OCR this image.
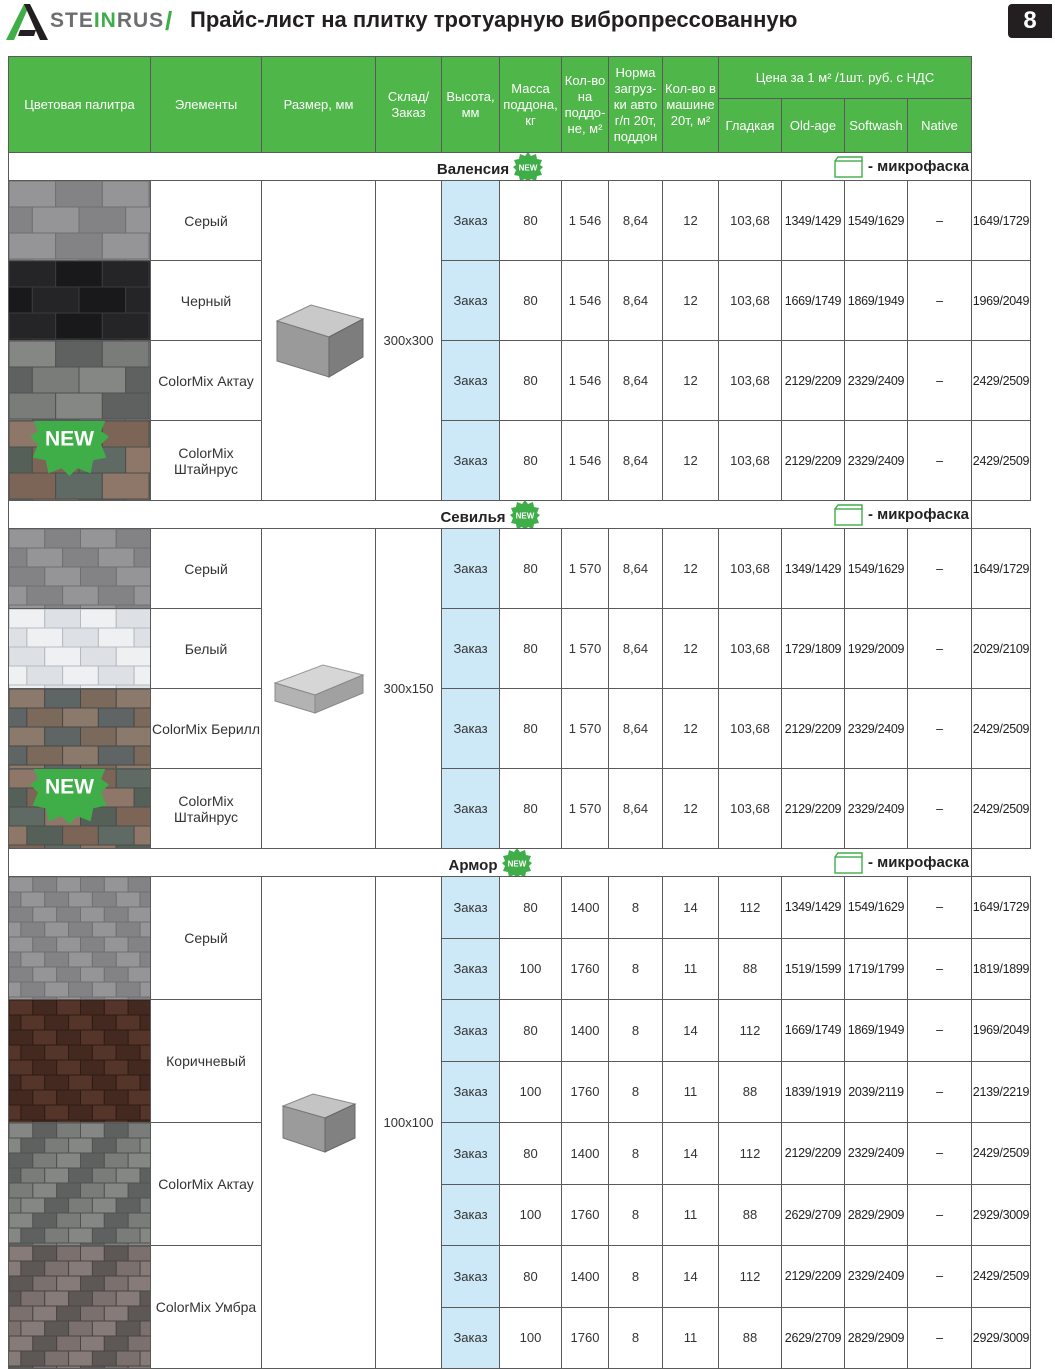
STEINRUS / Прайс-лист на плитку тротуарную вибропрессованную	8
Цветовая палитра	Элементы	Размер, мм	Склад/ Заказ	Высота, мм	Масса поддона, кг	Кол-во на поддо-не, м²	Норма загруз-ки авто г/п 20т, поддон	Кол-во в машине 20т, м²	Цена за 1 м² /1шт. руб. с НДС				
									Гладкая	Old-age	Softwash	Native	

Валенсия NEW - микрофаска													

	Серый		300x300	Заказ	80	1 546	8,64	12	103,68	1349/1429	1549/1629	–	1649/1729

	Черный			Заказ	80	1 546	8,64	12	103,68	1669/1749	1869/1949	–	1969/2049

	ColorMix Актау			Заказ	80	1 546	8,64	12	103,68	2129/2209	2329/2409	–	2429/2509

NEW	ColorMix Штайнрус			Заказ	80	1 546	8,64	12	103,68	2129/2209	2329/2409	–	2429/2509

Севилья NEW - микрофаска													

	Серый		300x150	Заказ	80	1 570	8,64	12	103,68	1349/1429	1549/1629	–	1649/1729

	Белый			Заказ	80	1 570	8,64	12	103,68	1729/1809	1929/2009	–	2029/2109

	ColorMix Берилл			Заказ	80	1 570	8,64	12	103,68	2129/2209	2329/2409	–	2429/2509

NEW	ColorMix Штайнрус			Заказ	80	1 570	8,64	12	103,68	2129/2209	2329/2409	–	2429/2509

Армор NEW - микрофаска													

	Серый		100x100	Заказ	80	1400	8	14	112	1349/1429	1549/1629	–	1649/1729
				Заказ	100	1760	8	11	88	1519/1599	1719/1799	–	1819/1899

	Коричневый			Заказ	80	1400	8	14	112	1669/1749	1869/1949	–	1969/2049
				Заказ	100	1760	8	11	88	1839/1919	2039/2119	–	2139/2219

	ColorMix Актау			Заказ	80	1400	8	14	112	2129/2209	2329/2409	–	2429/2509
				Заказ	100	1760	8	11	88	2629/2709	2829/2909	–	2929/3009

	ColorMix Умбра			Заказ	80	1400	8	14	112	2129/2209	2329/2409	–	2429/2509
				Заказ	100	1760	8	11	88	2629/2709	2829/2909	–	2929/3009
